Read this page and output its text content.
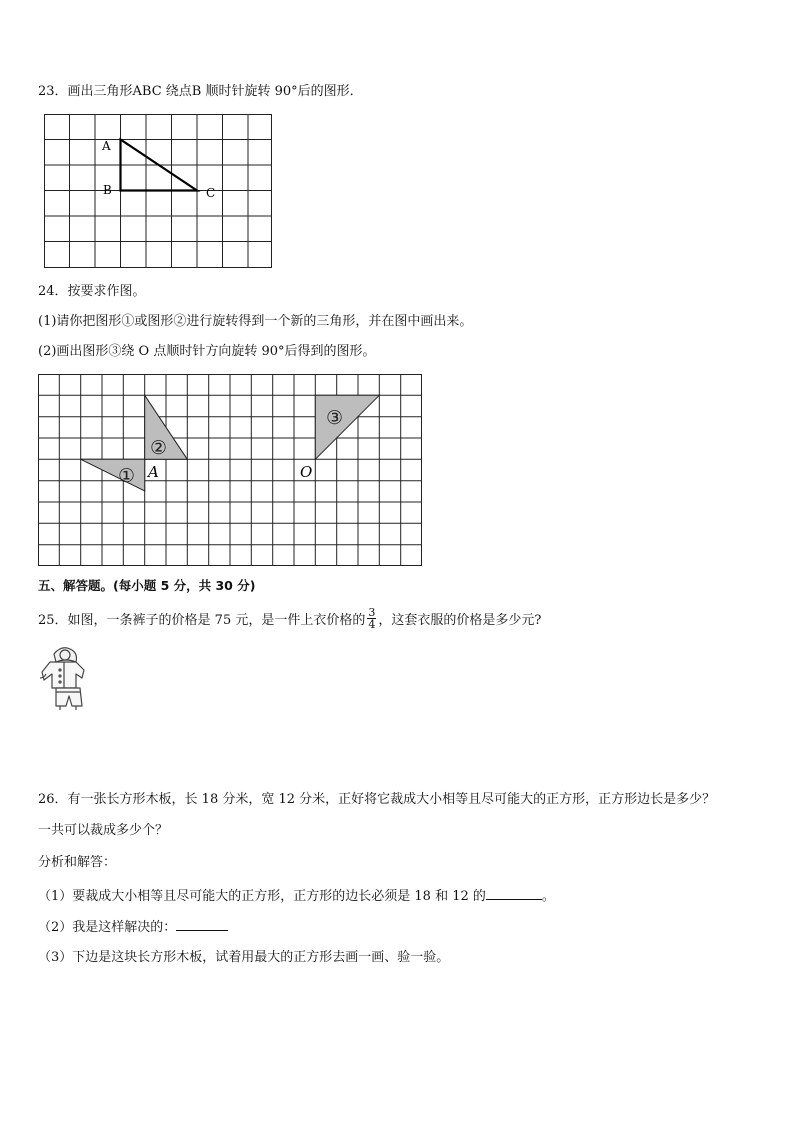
23．画出三角形ABC 绕点B 顺时针旋转 90°后的图形．
A
B	C
24．按要求作图。
(1)请你把图形①或图形②进行旋转得到一个新的三角形，并在图中画出来。
(2)画出图形③绕 O 点顺时针方向旋转 90°后得到的图形。
①
②
③
A	O
五、解答题。(每小题 5 分，共 30 分)
25．如图，一条裤子的价格是 75 元，是一件上衣价格的 $\frac{3}{4}$ ，这套衣服的价格是多少元?
26．有一张长方形木板，长 18 分米，宽 12 分米，正好将它裁成大小相等且尽可能大的正方形，正方形边长是多少？
一共可以裁成多少个？
分析和解答：
（1）要裁成大小相等且尽可能大的正方形，正方形的边长必须是 18 和 12 的	。
（2）我是这样解决的：
（3）下边是这块长方形木板，试着用最大的正方形去画一画、验一验。
